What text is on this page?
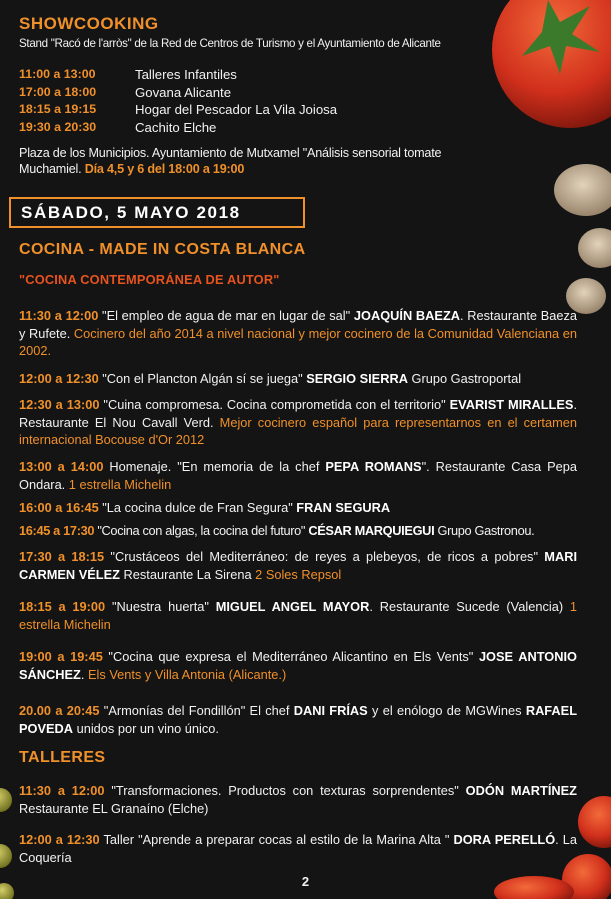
SHOWCOOKING
Stand "Racó de l'arròs" de la Red de Centros de Turismo y el Ayuntamiento de Alicante
11:00 a 13:00	Talleres Infantiles
17:00 a 18:00	Govana Alicante
18:15 a 19:15	Hogar del Pescador La Vila Joiosa
19:30 a 20:30	Cachito Elche
Plaza de los Municipios. Ayuntamiento de Mutxamel "Análisis sensorial tomate Muchamiel. Día 4,5 y 6 del 18:00 a 19:00
SÁBADO, 5 MAYO 2018
COCINA - MADE IN COSTA BLANCA
"COCINA CONTEMPORÁNEA DE AUTOR"
11:30 a 12:00 "El empleo de agua de mar en lugar de sal" JOAQUÍN BAEZA. Restaurante Baeza y Rufete. Cocinero del año 2014 a nivel nacional y mejor cocinero de la Comunidad Valenciana en 2002.
12:00 a 12:30 "Con el Plancton Algán sí se juega" SERGIO SIERRA Grupo Gastroportal
12:30 a 13:00 "Cuina compromesa. Cocina comprometida con el territorio" EVARIST MIRALLES. Restaurante El Nou Cavall Verd. Mejor cocinero español para representarnos en el certamen internacional Bocouse d'Or 2012
13:00 a 14:00 Homenaje. "En memoria de la chef PEPA ROMANS". Restaurante Casa Pepa Ondara. 1 estrella Michelin
16:00 a 16:45 "La cocina dulce de Fran Segura" FRAN SEGURA
16:45 a 17:30 "Cocina con algas, la cocina del futuro" CÉSAR MARQUIEGUI Grupo Gastronou.
17:30 a 18:15 "Crustáceos del Mediterráneo: de reyes a plebeyos, de ricos a pobres" MARI CARMEN VÉLEZ Restaurante La Sirena 2 Soles Repsol
18:15 a 19:00 "Nuestra huerta" MIGUEL ANGEL MAYOR. Restaurante Sucede (Valencia) 1 estrella Michelin
19:00 a 19:45 "Cocina que expresa el Mediterráneo Alicantino en Els Vents" JOSE ANTONIO SÁNCHEZ. Els Vents y Villa Antonia (Alicante.)
20.00 a 20:45 "Armonías del Fondillón" El chef DANI FRÍAS y el enólogo de MGWines RAFAEL POVEDA unidos por un vino único.
TALLERES
11:30 a 12:00 "Transformaciones. Productos con texturas sorprendentes" ODÓN MARTÍNEZ Restaurante EL Granaíno (Elche)
12:00 a 12:30 Taller "Aprende a preparar cocas al estilo de la Marina Alta " DORA PERELLÓ. La Coquería
2
